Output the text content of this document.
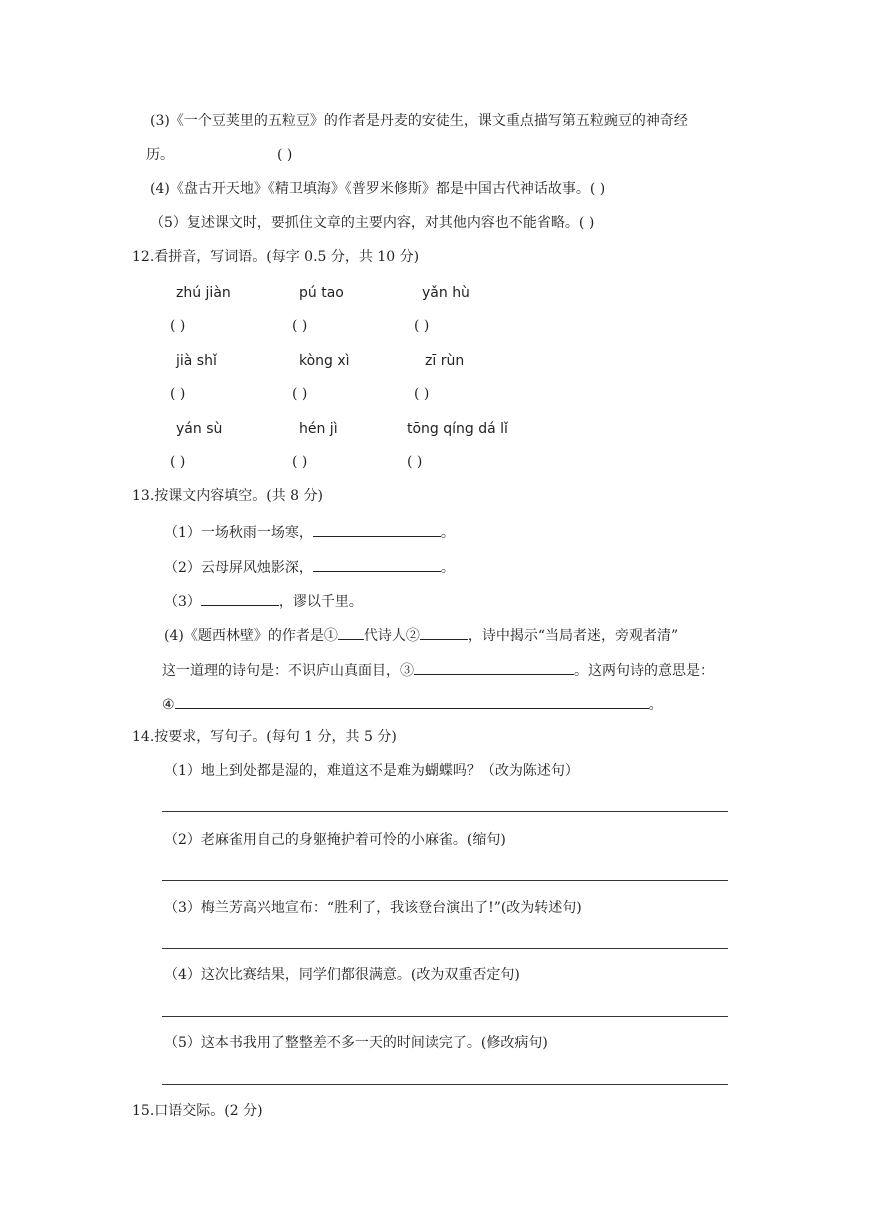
(3)《一个豆荚里的五粒豆》的作者是丹麦的安徒生，课文重点描写第五粒豌豆的神奇经
历。	( )
(4)《盘古开天地》《精卫填海》《普罗米修斯》都是中国古代神话故事。( )
（5）复述课文时，要抓住文章的主要内容，对其他内容也不能省略。( )
12.看拼音，写词语。(每字 0.5 分，共 10 分)
zhú jiàn	pú tao	yǎn hù
( )	( )	( )
jià shǐ	kòng xì	zī rùn
( )	( )	( )
yán sù	hén jì	tōng qíng dá lǐ
( )	( )	( )
13.按课文内容填空。(共 8 分)
（1）一场秋雨一场寒，	。
（2）云母屏风烛影深，	。
（3）	，谬以千里。
(4)《题西林壁》的作者是① 代诗人②	，诗中揭示“当局者迷，旁观者清”
这一道理的诗句是：不识庐山真面目，③	。这两句诗的意思是：
④	。
14.按要求，写句子。(每句 1 分，共 5 分)
（1）地上到处都是湿的，难道这不是难为蝴蝶吗？（改为陈述句）
（2）老麻雀用自己的身躯掩护着可怜的小麻雀。(缩句)
（3）梅兰芳高兴地宣布：“胜利了，我该登台演出了!”(改为转述句)
（4）这次比赛结果，同学们都很满意。(改为双重否定句)
（5）这本书我用了整整差不多一天的时间读完了。(修改病句)
15.口语交际。(2 分)
